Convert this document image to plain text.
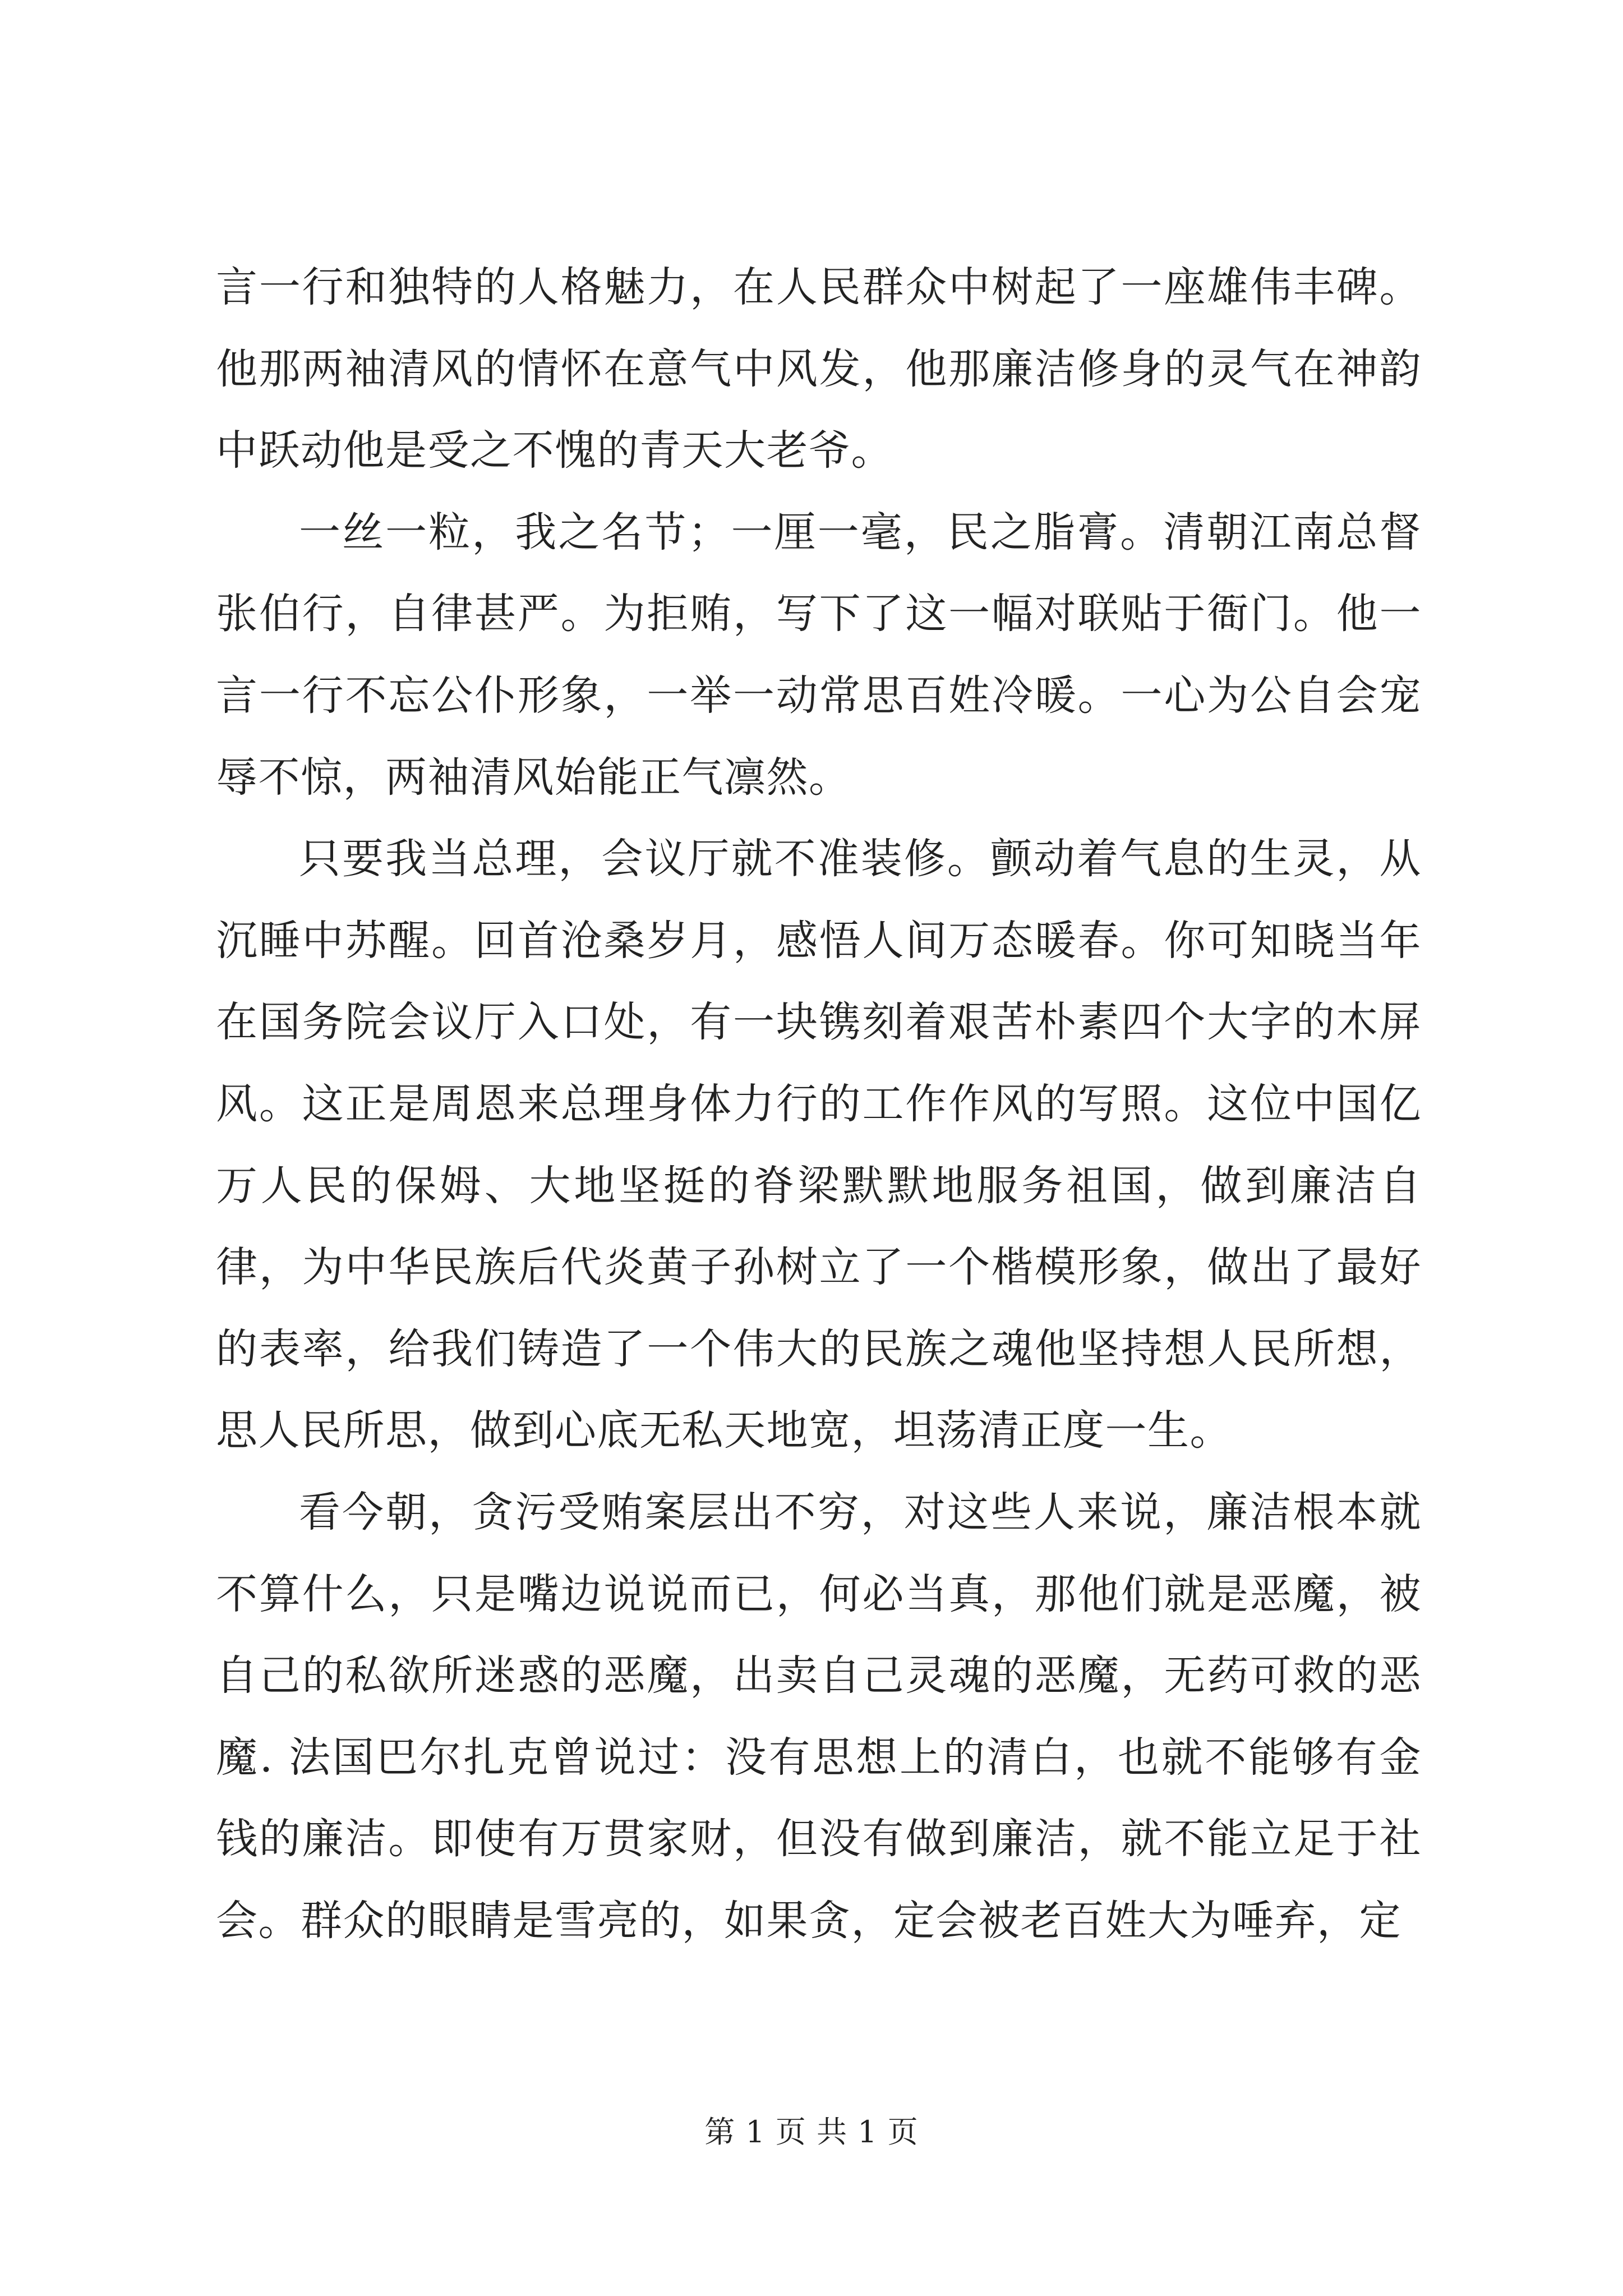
言一行和独特的人格魅力，在人民群众中树起了一座雄伟丰碑。他那两袖清风的情怀在意气中风发，他那廉洁修身的灵气在神韵中跃动他是受之不愧的青天大老爷。

一丝一粒，我之名节；一厘一毫，民之脂膏。清朝江南总督张伯行，自律甚严。为拒贿，写下了这一幅对联贴于衙门。他一言一行不忘公仆形象，一举一动常思百姓冷暖。一心为公自会宠辱不惊，两袖清风始能正气凛然。

只要我当总理，会议厅就不准装修。颤动着气息的生灵，从沉睡中苏醒。回首沧桑岁月，感悟人间万态暖春。你可知晓当年在国务院会议厅入口处，有一块镌刻着艰苦朴素四个大字的木屏风。这正是周恩来总理身体力行的工作作风的写照。这位中国亿万人民的保姆、大地坚挺的脊梁默默地服务祖国，做到廉洁自律，为中华民族后代炎黄子孙树立了一个楷模形象，做出了最好的表率，给我们铸造了一个伟大的民族之魂他坚持想人民所想，思人民所思，做到心底无私天地宽，坦荡清正度一生。

看今朝，贪污受贿案层出不穷，对这些人来说，廉洁根本就不算什么，只是嘴边说说而已，何必当真，那他们就是恶魔，被自己的私欲所迷惑的恶魔，出卖自己灵魂的恶魔，无药可救的恶魔. 法国巴尔扎克曾说过：没有思想上的清白，也就不能够有金钱的廉洁。即使有万贯家财，但没有做到廉洁，就不能立足于社会。群众的眼睛是雪亮的，如果贪，定会被老百姓大为唾弃，定

第 1 页 共 1 页
